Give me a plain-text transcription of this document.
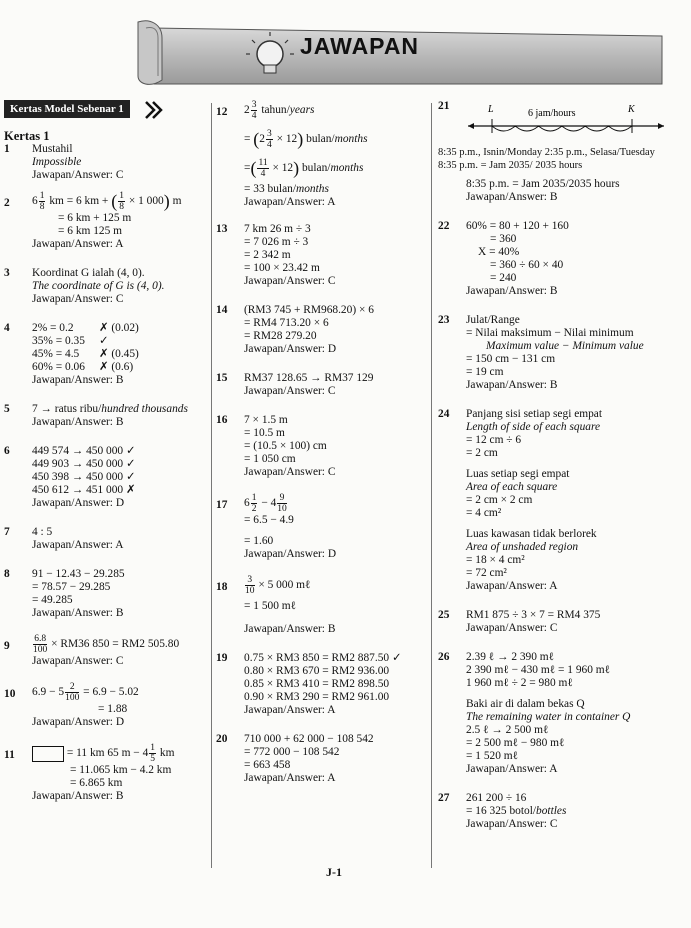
JAWAPAN
Kertas Model Sebenar 1
Kertas 1
1	Mustahil
Impossible
Jawapan/Answer: C
2	$6 \frac{1}{8}$ km = 6 km + ( $\frac{1}{8} \times 1$ 000) m
= 6 km + 125 m
= 6 km 125 m
Jawapan/Answer: A
3	Koordinat G ialah (4, 0).
The coordinate of G is (4, 0).
Jawapan/Answer: C
4	2% = 0.2	✗ (0.02)
35% = 0.35	✓
45% = 4.5	✗ (0.45)
60% = 0.06	✗ (0.6)
Jawapan/Answer: B
5	7 → ratus ribu/hundred thousands
Jawapan/Answer: B
6	449 574 → 450 000 ✓
449 903 → 450 000 ✓
450 398 → 450 000 ✓
450 612 → 451 000 ✗
Jawapan/Answer: D
7	4 : 5
Jawapan/Answer: A
8	91 − 12.43 − 29.285
= 78.57 − 29.285
= 49.285
Jawapan/Answer: B
9	$\frac{6.8}{100} \times RM36$ 850 = RM2 505.80
Jawapan/Answer: C
10	$6.9 - 5 \frac{2}{100} = 6.9 - 5.02$
= 1.88
Jawapan/Answer: D
11	= 11 km 65 $m - 4 \frac{1}{5}$ km
= 11.065 km − 4.2 km
= 6.865 km
Jawapan/Answer: B
12	$2 \frac{3}{4}$ tahun/years
= $(2 \frac{3}{4} \times 12)$ bulan/months
=( $\frac{11}{4} \times 12$) bulan/months
= 33 bulan/months
Jawapan/Answer: A
13	7 km 26 m ÷ 3
= 7 026 m ÷ 3
= 2 342 m
= 100 × 23.42 m
Jawapan/Answer: C
14	(RM3 745 + RM968.20) × 6
= RM4 713.20 × 6
= RM28 279.20
Jawapan/Answer: D
15	RM37 128.65 → RM37 129
Jawapan/Answer: C
16	7 × 1.5 m
= 10.5 m
= (10.5 × 100) cm
= 1 050 cm
Jawapan/Answer: C
17	$6 \frac{1}{2} - 4 \frac{9}{10}$
= 6.5 − 4.9
= 1.60
Jawapan/Answer: D
18	$\frac{3}{10} \times 5$ 000 mℓ
= 1 500 mℓ
Jawapan/Answer: B
19	0.75 × RM3 850 = RM2 887.50 ✓
0.80 × RM3 670 = RM2 936.00
0.85 × RM3 410 = RM2 898.50
0.90 × RM3 290 = RM2 961.00
Jawapan/Answer: A
20	710 000 + 62 000 − 108 542
= 772 000 − 108 542
= 663 458
Jawapan/Answer: A
21	L	K
6 jam/hours
8:35 p.m., Isnin/Monday 2:35 p.m., Selasa/Tuesday
8:35 p.m. = Jam 2035/ 2035 hours
8:35 p.m. = Jam 2035/2035 hours
Jawapan/Answer: B
22	60% = 80 + 120 + 160
= 360
X = 40%
= 360 ÷ 60 × 40
= 240
Jawapan/Answer: B
23	Julat/Range
= Nilai maksimum − Nilai minimum
Maximum value − Minimum value
= 150 cm − 131 cm
= 19 cm
Jawapan/Answer: B
24	Panjang sisi setiap segi empat
Length of side of each square
= 12 cm ÷ 6
= 2 cm
Luas setiap segi empat
Area of each square
= 2 cm × 2 cm
= 4 cm²
Luas kawasan tidak berlorek
Area of unshaded region
= 18 × 4 cm²
= 72 cm²
Jawapan/Answer: A
25	RM1 875 ÷ 3 × 7 = RM4 375
Jawapan/Answer: C
26	2.39 ℓ → 2 390 mℓ
2 390 mℓ − 430 mℓ = 1 960 mℓ
1 960 mℓ ÷ 2 = 980 mℓ
Baki air di dalam bekas Q
The remaining water in container Q
2.5 ℓ → 2 500 mℓ
= 2 500 mℓ − 980 mℓ
= 1 520 mℓ
Jawapan/Answer: A
27	261 200 ÷ 16
= 16 325 botol/bottles
Jawapan/Answer: C
J-1
